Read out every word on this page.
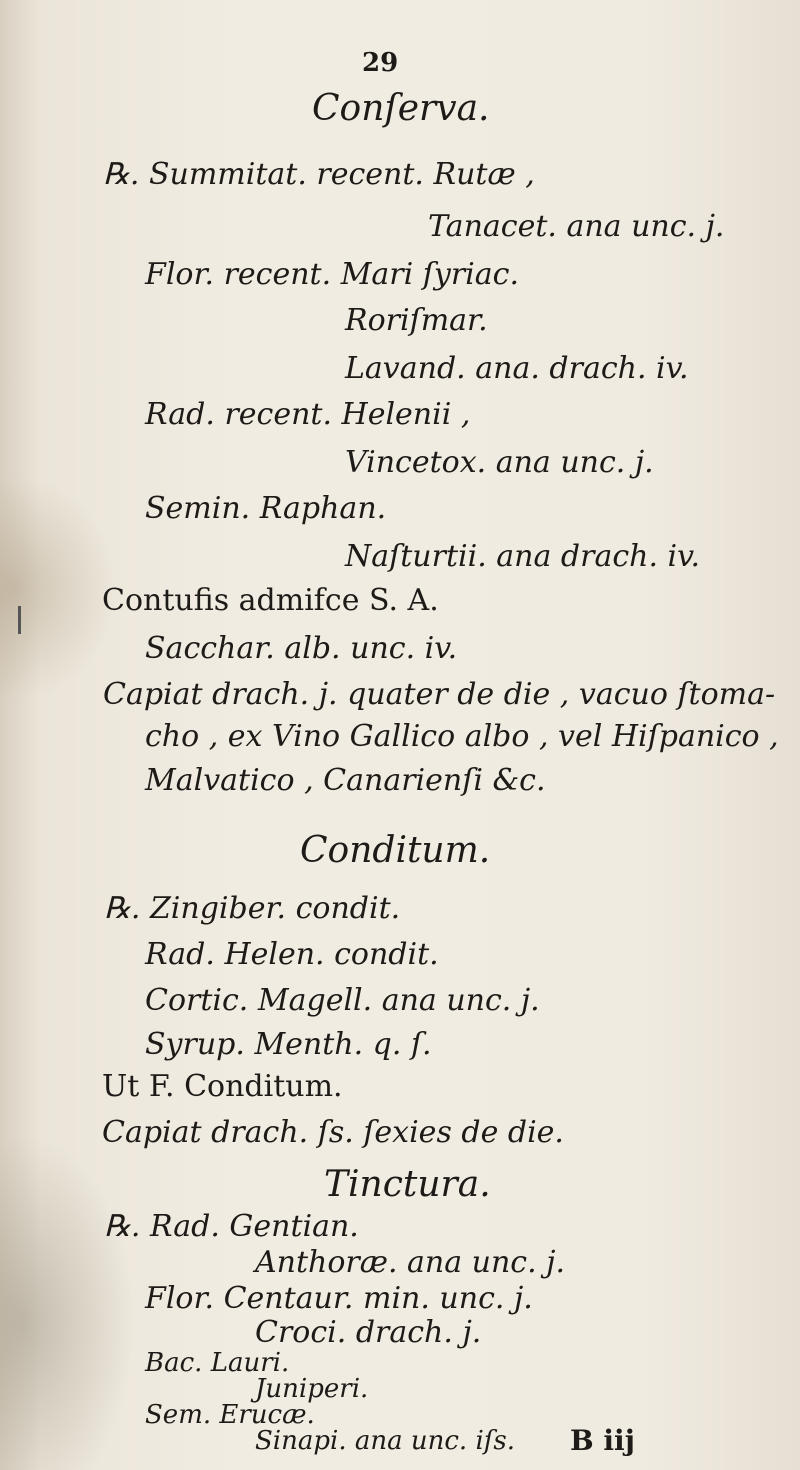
29
Conſerva.
℞. Summitat. recent. Rutæ ,
Tanacet. ana unc. j.
Flor. recent. Mari ſyriac.
Roriſmar.
Lavand. ana. drach. iv.
Rad. recent. Helenii ,
Vincetox. ana unc. j.
Semin. Raphan.
Naſturtii. ana drach. iv.
Contufis admifce S. A.
Sacchar. alb. unc. iv.
Capiat drach. j. quater de die , vacuo ſtoma-
cho , ex Vino Gallico albo , vel Hiſpanico ,
Malvatico , Canarienſi &c.
Conditum.
℞. Zingiber. condit.
Rad. Helen. condit.
Cortic. Magell. ana unc. j.
Syrup. Menth. q. ſ.
Ut F. Conditum.
Capiat drach. ſs. ſexies de die.
Tinctura.
℞. Rad. Gentian.
Anthoræ. ana unc. j.
Flor. Centaur. min. unc. j.
Croci. drach. j.
Bac. Lauri.
Juniperi.
Sem. Erucæ.
Sinapi. ana unc. iſs. B iij
